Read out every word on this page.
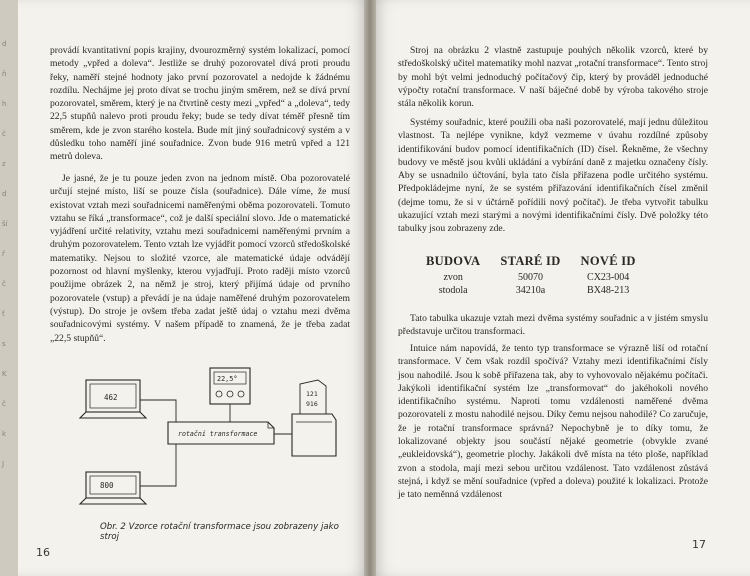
d
ň
h
č
z
d
ší
ř
č
ť
s
K
č
k
J

provádí kvantitativní popis krajiny, dvourozměrný systém lokalizací, pomocí metody „vpřed a doleva“. Jestliže se druhý pozorovatel dívá proti proudu řeky, naměří stejné hodnoty jako první pozorovatel a nedojde k žádnému rozdílu. Nechájme jej proto dívat se trochu jiným směrem, než se dívá první pozorovatel, směrem, který je na čtvrtině cesty mezi „vpřed“ a „doleva“, tedy 22,5 stupňů nalevo proti proudu řeky; bude se tedy dívat téměř přesně tím směrem, kde je zvon starého kostela. Bude mít jiný souřadnicový systém a v důsledku toho naměří jiné souřadnice. Zvon bude 916 metrů vpřed a 121 metrů doleva.

Je jasné, že je tu pouze jeden zvon na jednom místě. Oba pozorovatelé určují stejné místo, liší se pouze čísla (souřadnice). Dále víme, že musí existovat vztah mezi souřadnicemi naměřenými oběma pozorovateli. Tomuto vztahu se říká „transformace“, což je další speciální slovo. Jde o matematické vyjádření určité relativity, vztahu mezi souřadnicemi naměřenými prvním a druhým pozorovatelem. Tento vztah lze vyjádřit pomocí vzorců středoškolské matematiky. Nejsou to složité vzorce, ale matematické údaje odvádějí pozornost od hlavní myšlenky, kterou vyjadřují. Proto raději místo vzorců použijme obrázek 2, na němž je stroj, který přijímá údaje od prvního pozorovatele (vstup) a převádí je na údaje naměřené druhým pozorovatelem (výstup). Do stroje je ovšem třeba zadat ještě údaj o vztahu mezi dvěma souřadnicovými systémy. V našem případě to znamená, že je třeba zadat „22,5 stupňů“.

462
800
22,5°
rotační transformace
121
916
Obr. 2 Vzorce rotační transformace jsou zobrazeny jako stroj
16

Stroj na obrázku 2 vlastně zastupuje pouhých několik vzorců, které by středoškolský učitel matematiky mohl nazvat „rotační transformace“. Tento stroj by mohl být velmi jednoduchý počítačový čip, který by prováděl jednoduché výpočty rotační transformace. V naší báječné době by výroba takového stroje stála několik korun.

Systémy souřadnic, které použili oba naši pozorovatelé, mají jednu důležitou vlastnost. Ta nejlépe vynikne, když vezmeme v úvahu rozdílné způsoby identifikování budov pomocí identifikačních (ID) čísel. Řekněme, že všechny budovy ve městě jsou kvůli ukládání a vybírání daně z majetku označeny čísly. Aby se usnadnilo účtování, byla tato čísla přiřazena podle určitého systému. Předpokládejme nyní, že se systém přiřazování identifikačních čísel změnil (dejme tomu, že si v účtárně pořídili nový počítač). Je třeba vytvořit tabulku ukazující vztah mezi starými a novými identifikačními čísly. Dvě položky této tabulky jsou zobrazeny zde.

BUDOVA	STARÉ ID	NOVÉ ID
zvon	50070	CX23-004
stodola	34210a	BX48-213

Tato tabulka ukazuje vztah mezi dvěma systémy souřadnic a v jistém smyslu představuje určitou transformaci.

Intuice nám napovídá, že tento typ transformace se výrazně liší od rotační transformace. V čem však rozdíl spočívá? Vztahy mezi identifikačními čísly jsou nahodilé. Jsou k sobě přiřazena tak, aby to vyhovovalo nějakému počítači. Jakýkoli identifikační systém lze „transformovat“ do jakéhokoli nového identifikačního systému. Naproti tomu vzdálenosti naměřené dvěma pozorovateli z mostu nahodilé nejsou. Díky čemu nejsou nahodilé? Co zaručuje, že je rotační transformace správná? Nepochybně je to díky tomu, že lokalizované objekty jsou součástí nějaké geometrie (obvykle zvané „eukleidovská“), geometrie plochy. Jakákoli dvě místa na této ploše, například zvon a stodola, mají mezi sebou určitou vzdálenost. Tato vzdálenost zůstává stejná, i když se mění souřadnice (vpřed a doleva) použité k lokalizaci. Protože je tato neměnná vzdálenost

17
